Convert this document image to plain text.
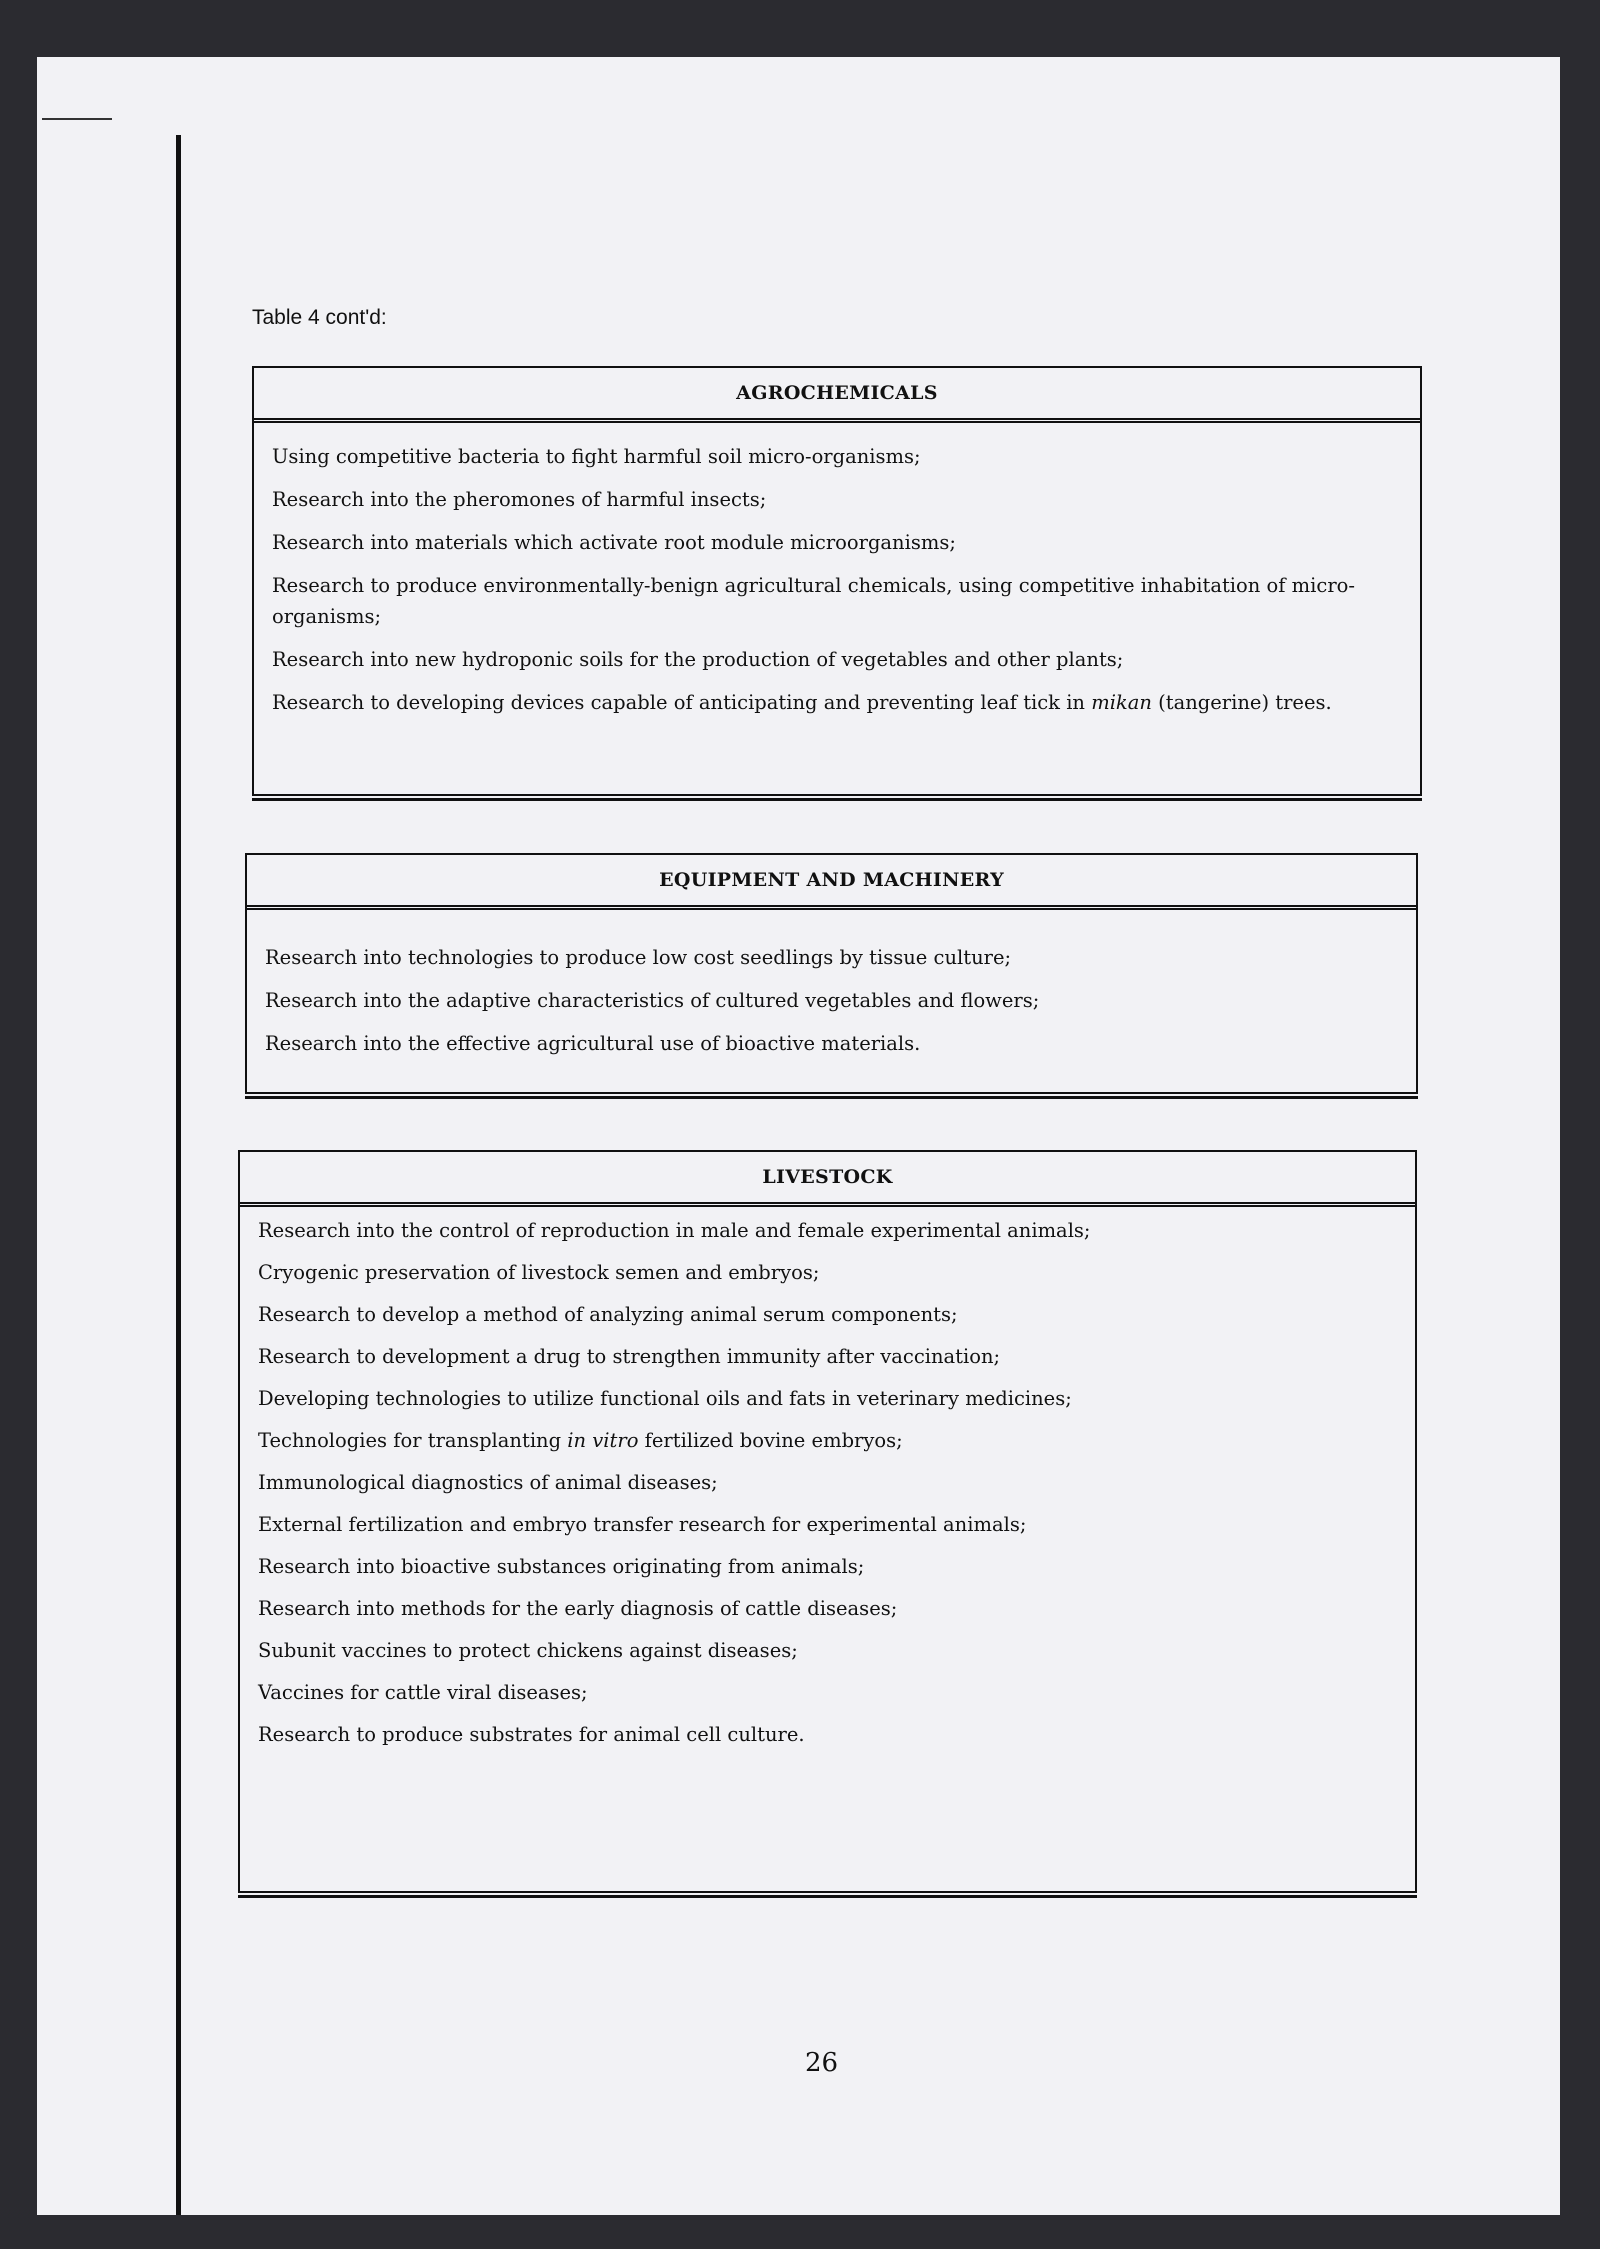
Table 4 cont'd:
AGROCHEMICALS
Using competitive bacteria to fight harmful soil micro-organisms;
Research into the pheromones of harmful insects;
Research into materials which activate root module microorganisms;
Research to produce environmentally-benign agricultural chemicals, using competitive inhabitation of micro-organisms;
Research into new hydroponic soils for the production of vegetables and other plants;
Research to developing devices capable of anticipating and preventing leaf tick in mikan (tangerine) trees.
EQUIPMENT AND MACHINERY
Research into technologies to produce low cost seedlings by tissue culture;
Research into the adaptive characteristics of cultured vegetables and flowers;
Research into the effective agricultural use of bioactive materials.
LIVESTOCK
Research into the control of reproduction in male and female experimental animals;
Cryogenic preservation of livestock semen and embryos;
Research to develop a method of analyzing animal serum components;
Research to development a drug to strengthen immunity after vaccination;
Developing technologies to utilize functional oils and fats in veterinary medicines;
Technologies for transplanting in vitro fertilized bovine embryos;
Immunological diagnostics of animal diseases;
External fertilization and embryo transfer research for experimental animals;
Research into bioactive substances originating from animals;
Research into methods for the early diagnosis of cattle diseases;
Subunit vaccines to protect chickens against diseases;
Vaccines for cattle viral diseases;
Research to produce substrates for animal cell culture.
26
